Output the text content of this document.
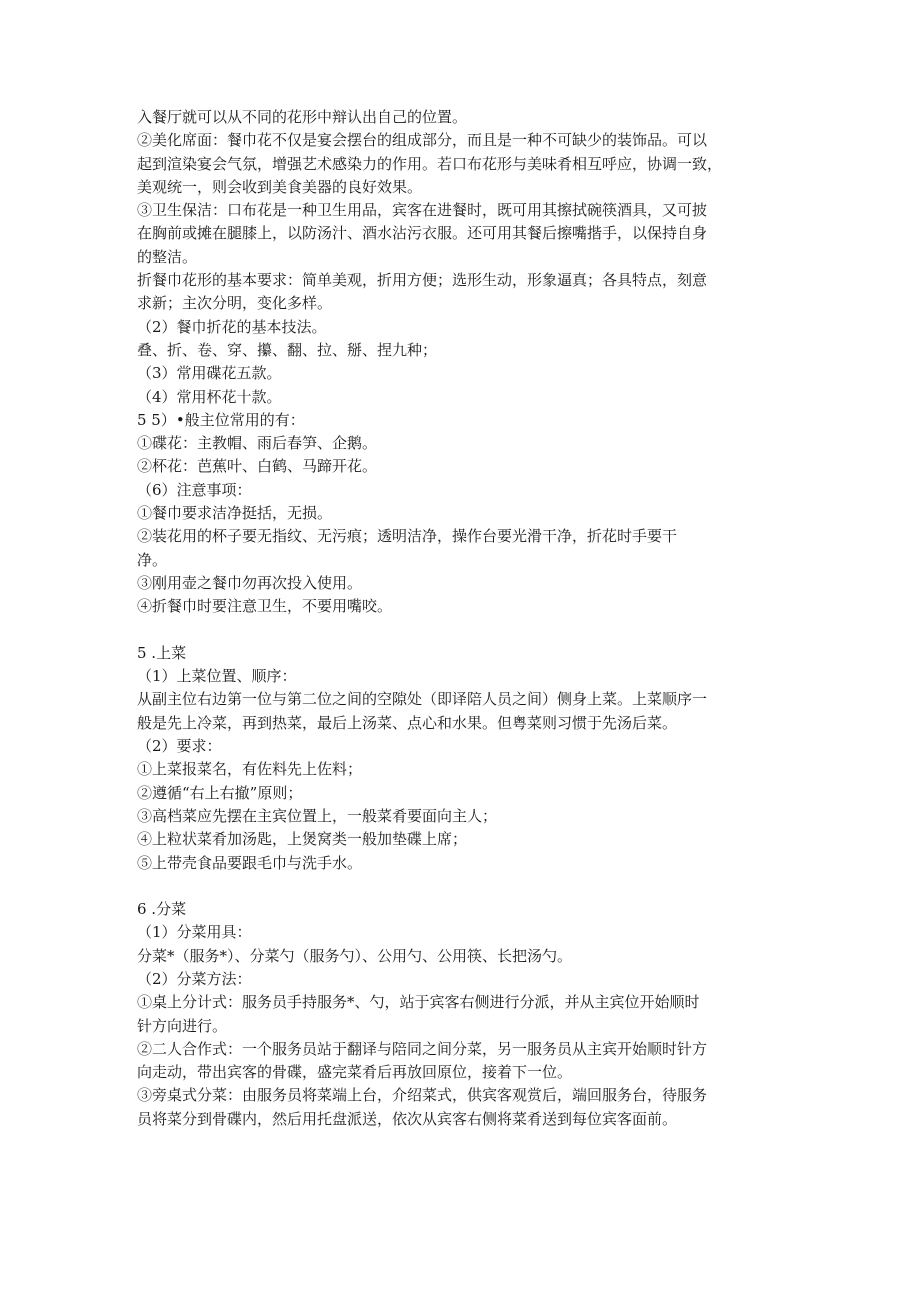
入餐厅就可以从不同的花形中辩认出自己的位置。
②美化席面：餐巾花不仅是宴会摆台的组成部分，而且是一种不可缺少的装饰品。可以
起到渲染宴会气氛，增强艺术感染力的作用。若口布花形与美味肴相互呼应，协调一致，
美观统一，则会收到美食美器的良好效果。
③卫生保洁：口布花是一种卫生用品，宾客在进餐时，既可用其擦拭碗筷酒具，又可披
在胸前或摊在腿膝上，以防汤汁、酒水沾污衣服。还可用其餐后擦嘴揩手，以保持自身
的整洁。
折餐巾花形的基本要求：简单美观，折用方便；选形生动，形象逼真；各具特点，刻意
求新；主次分明，变化多样。
（2）餐巾折花的基本技法。
叠、折、卷、穿、攥、翻、拉、掰、捏九种；
（3）常用碟花五款。
（4）常用杯花十款。
5 5）•般主位常用的有：
①碟花：主教帽、雨后春笋、企鹅。
②杯花：芭蕉叶、白鹤、马蹄开花。
（6）注意事项：
①餐巾要求洁净挺括，无损。
②装花用的杯子要无指纹、无污痕；透明洁净，操作台要光滑干净，折花时手要干
净。
③刚用壶之餐巾勿再次投入使用。
④折餐巾时要注意卫生，不要用嘴咬。
5 .上菜
（1）上菜位置、顺序：
从副主位右边第一位与第二位之间的空隙处（即译陪人员之间）侧身上菜。上菜顺序一
般是先上冷菜，再到热菜，最后上汤菜、点心和水果。但粤菜则习惯于先汤后菜。
（2）要求：
①上菜报菜名，有佐料先上佐料；
②遵循“右上右撤”原则；
③高档菜应先摆在主宾位置上，一般菜肴要面向主人；
④上粒状菜肴加汤匙，上煲窝类一般加垫碟上席；
⑤上带壳食品要跟毛巾与洗手水。
6 .分菜
（1）分菜用具：
分菜*（服务*）、分菜勺（服务勺）、公用勺、公用筷、长把汤勺。
（2）分菜方法：
①桌上分计式：服务员手持服务*、勺，站于宾客右侧进行分派，并从主宾位开始顺时
针方向进行。
②二人合作式：一个服务员站于翻译与陪同之间分菜，另一服务员从主宾开始顺时针方
向走动，带出宾客的骨碟，盛完菜肴后再放回原位，接着下一位。
③旁桌式分菜：由服务员将菜端上台，介绍菜式，供宾客观赏后，端回服务台，待服务
员将菜分到骨碟内，然后用托盘派送，依次从宾客右侧将菜肴送到每位宾客面前。
